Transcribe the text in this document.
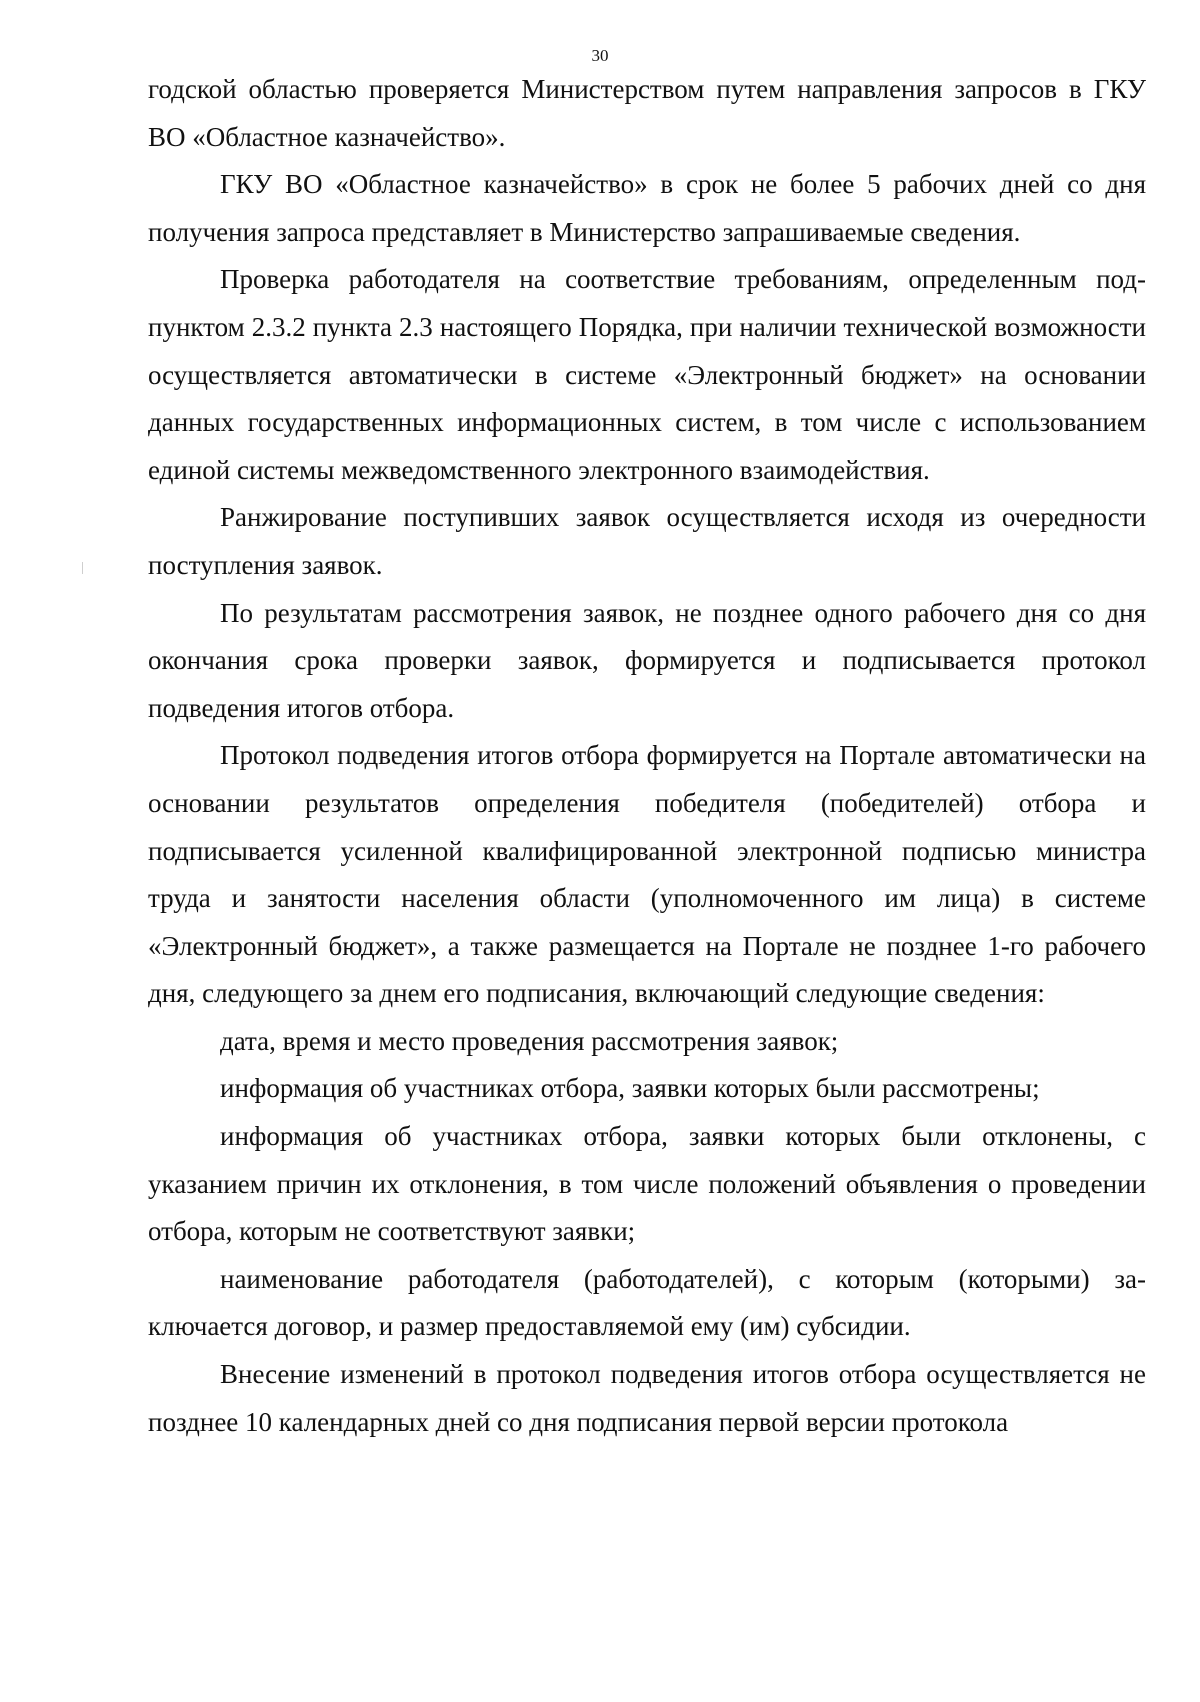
30

годской областью проверяется Министерством путем направления запросов в ГКУ ВО «Областное казначейство».

ГКУ ВО «Областное казначейство» в срок не более 5 рабочих дней со дня получения запроса представляет в Министерство запрашиваемые сведения.

Проверка работодателя на соответствие требованиям, определенным подпунктом 2.3.2 пункта 2.3 настоящего Порядка, при наличии технической возможности осуществляется автоматически в системе «Электронный бюджет» на основании данных государственных информационных систем, в том числе с использованием единой системы межведомственного электронного взаимодействия.

Ранжирование поступивших заявок осуществляется исходя из очередности поступления заявок.

По результатам рассмотрения заявок, не позднее одного рабочего дня со дня окончания срока проверки заявок, формируется и подписывается протокол подведения итогов отбора.

Протокол подведения итогов отбора формируется на Портале автоматически на основании результатов определения победителя (победителей) отбора и подписывается усиленной квалифицированной электронной подписью министра труда и занятости населения области (уполномоченного им лица) в системе «Электронный бюджет», а также размещается на Портале не позднее 1-го рабочего дня, следующего за днем его подписания, включающий следующие сведения:

дата, время и место проведения рассмотрения заявок;

информация об участниках отбора, заявки которых были рассмотрены;

информация об участниках отбора, заявки которых были отклонены, с указанием причин их отклонения, в том числе положений объявления о проведении отбора, которым не соответствуют заявки;

наименование работодателя (работодателей), с которым (которыми) заключается договор, и размер предоставляемой ему (им) субсидии.

Внесение изменений в протокол подведения итогов отбора осуществляется не позднее 10 календарных дней со дня подписания первой версии протокола
